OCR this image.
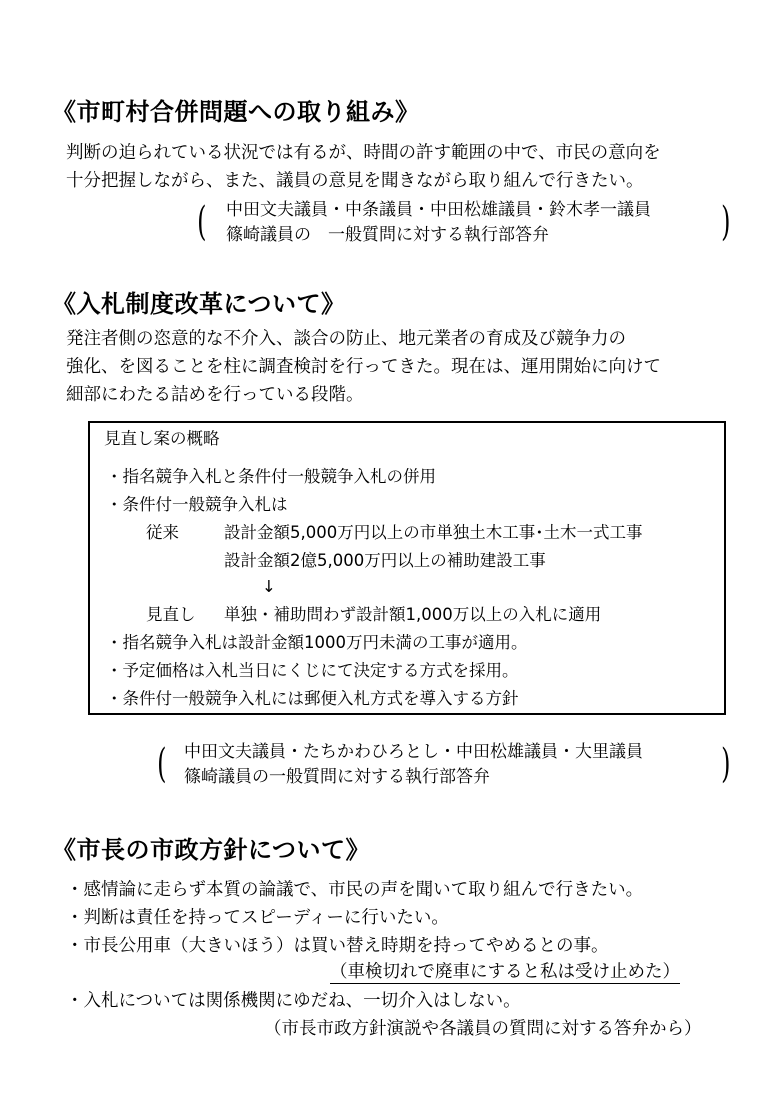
《市町村合併問題への取り組み》
判断の迫られている状況では有るが、時間の許す範囲の中で、市民の意向を
十分把握しながら、また、議員の意見を聞きながら取り組んで行きたい。
( 中田文夫議員・中条議員・中田松雄議員・鈴木孝一議員
篠崎議員の　一般質問に対する執行部答弁	)
《入札制度改革について》
発注者側の恣意的な不介入、談合の防止、地元業者の育成及び競争力の
強化、を図ることを柱に調査検討を行ってきた。現在は、運用開始に向けて
細部にわたる詰めを行っている段階。
見直し案の概略
・指名競争入札と条件付一般競争入札の併用
・条件付一般競争入札は
従来	設計金額5,000万円以上の市単独土木工事･土木一式工事
設計金額2億5,000万円以上の補助建設工事
↓
見直し 単独・補助問わず設計額1,000万以上の入札に適用
・指名競争入札は設計金額1000万円未満の工事が適用。
・予定価格は入札当日にくじにて決定する方式を採用。
・条件付一般競争入札には郵便入札方式を導入する方針
( 中田文夫議員・たちかわひろとし・中田松雄議員・大里議員
篠崎議員の一般質問に対する執行部答弁	)
《市長の市政方針について》
・感情論に走らず本質の論議で、市民の声を聞いて取り組んで行きたい。
・判断は責任を持ってスピーディーに行いたい。
・市長公用車（大きいほう）は買い替え時期を持ってやめるとの事。
（車検切れで廃車にすると私は受け止めた）
・入札については関係機関にゆだね、一切介入はしない。
（市長市政方針演説や各議員の質問に対する答弁から）
